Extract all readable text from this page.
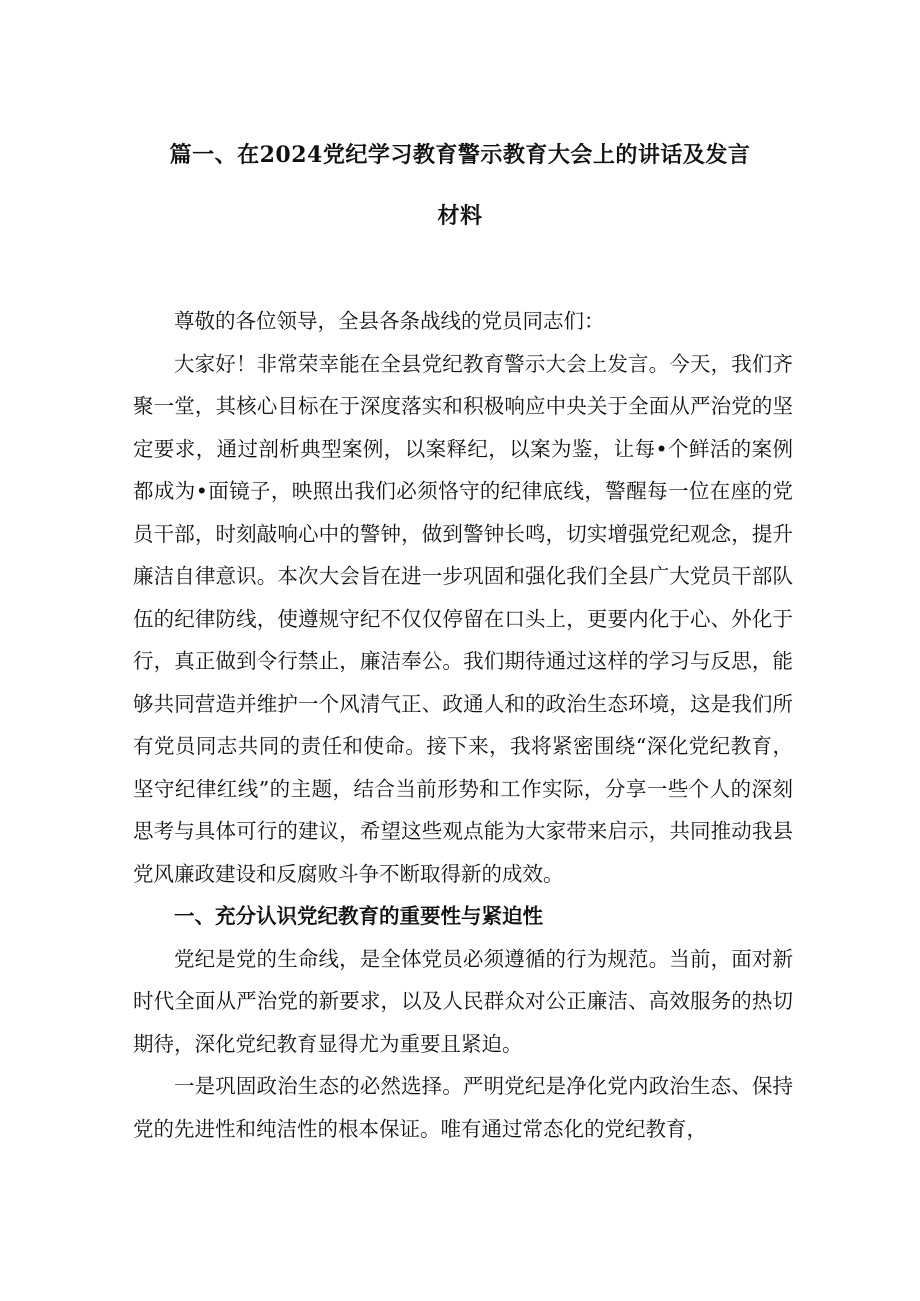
篇一、在2024党纪学习教育警示教育大会上的讲话及发言
材料

尊敬的各位领导，全县各条战线的党员同志们：

大家好！非常荣幸能在全县党纪教育警示大会上发言。今天，我们齐聚一堂，其核心目标在于深度落实和积极响应中央关于全面从严治党的坚定要求，通过剖析典型案例，以案释纪，以案为鉴，让每•个鲜活的案例都成为•面镜子，映照出我们必须恪守的纪律底线，警醒每一位在座的党员干部，时刻敲响心中的警钟，做到警钟长鸣，切实增强党纪观念，提升廉洁自律意识。本次大会旨在进一步巩固和强化我们全县广大党员干部队伍的纪律防线，使遵规守纪不仅仅停留在口头上，更要内化于心、外化于行，真正做到令行禁止，廉洁奉公。我们期待通过这样的学习与反思，能够共同营造并维护一个风清气正、政通人和的政治生态环境，这是我们所有党员同志共同的责任和使命。接下来，我将紧密围绕“深化党纪教育，坚守纪律红线”的主题，结合当前形势和工作实际，分享一些个人的深刻思考与具体可行的建议，希望这些观点能为大家带来启示，共同推动我县党风廉政建设和反腐败斗争不断取得新的成效。

一、充分认识党纪教育的重要性与紧迫性

党纪是党的生命线，是全体党员必须遵循的行为规范。当前，面对新时代全面从严治党的新要求，以及人民群众对公正廉洁、高效服务的热切期待，深化党纪教育显得尤为重要且紧迫。

一是巩固政治生态的必然选择。严明党纪是净化党内政治生态、保持党的先进性和纯洁性的根本保证。唯有通过常态化的党纪教育，
